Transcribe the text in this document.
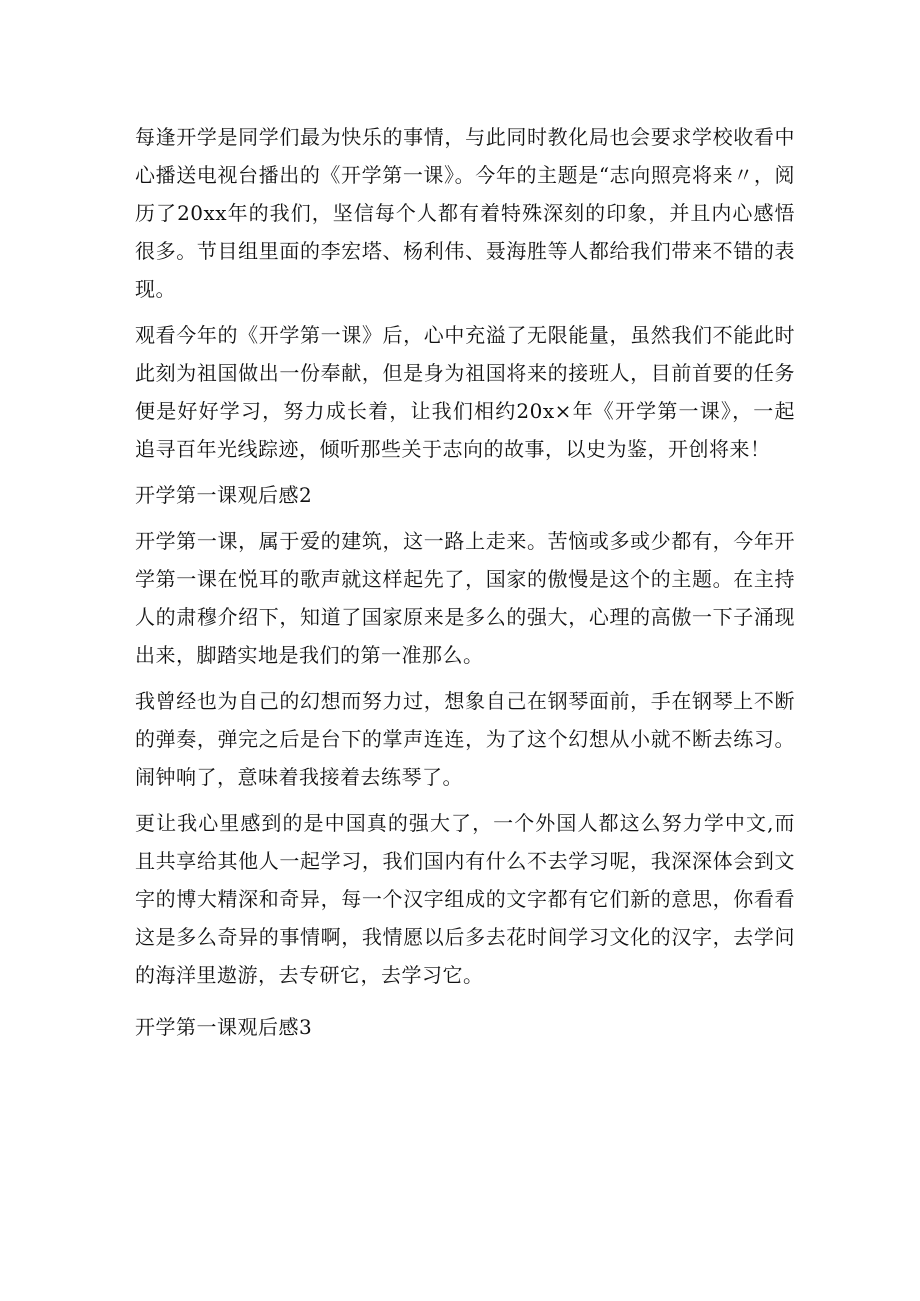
每逢开学是同学们最为快乐的事情，与此同时教化局也会要求学校收看中心播送电视台播出的《开学第一课》。今年的主题是“志向照亮将来〃，阅历了20xx年的我们，坚信每个人都有着特殊深刻的印象，并且内心感悟很多。节目组里面的李宏塔、杨利伟、聂海胜等人都给我们带来不错的表现。

观看今年的《开学第一课》后，心中充溢了无限能量，虽然我们不能此时此刻为祖国做出一份奉献，但是身为祖国将来的接班人，目前首要的任务便是好好学习，努力成长着，让我们相约20x×年《开学第一课》，一起追寻百年光线踪迹，倾听那些关于志向的故事，以史为鉴，开创将来！

开学第一课观后感2

开学第一课，属于爱的建筑，这一路上走来。苦恼或多或少都有，今年开学第一课在悦耳的歌声就这样起先了，国家的傲慢是这个的主题。在主持人的肃穆介绍下，知道了国家原来是多么的强大，心理的高傲一下子涌现出来，脚踏实地是我们的第一准那么。

我曾经也为自己的幻想而努力过，想象自己在钢琴面前，手在钢琴上不断的弹奏，弹完之后是台下的掌声连连，为了这个幻想从小就不断去练习。闹钟响了，意味着我接着去练琴了。

更让我心里感到的是中国真的强大了，一个外国人都这么努力学中文,而且共享给其他人一起学习，我们国内有什么不去学习呢，我深深体会到文字的博大精深和奇异，每一个汉字组成的文字都有它们新的意思，你看看这是多么奇异的事情啊，我情愿以后多去花时间学习文化的汉字，去学问的海洋里遨游，去专研它，去学习它。

开学第一课观后感3
